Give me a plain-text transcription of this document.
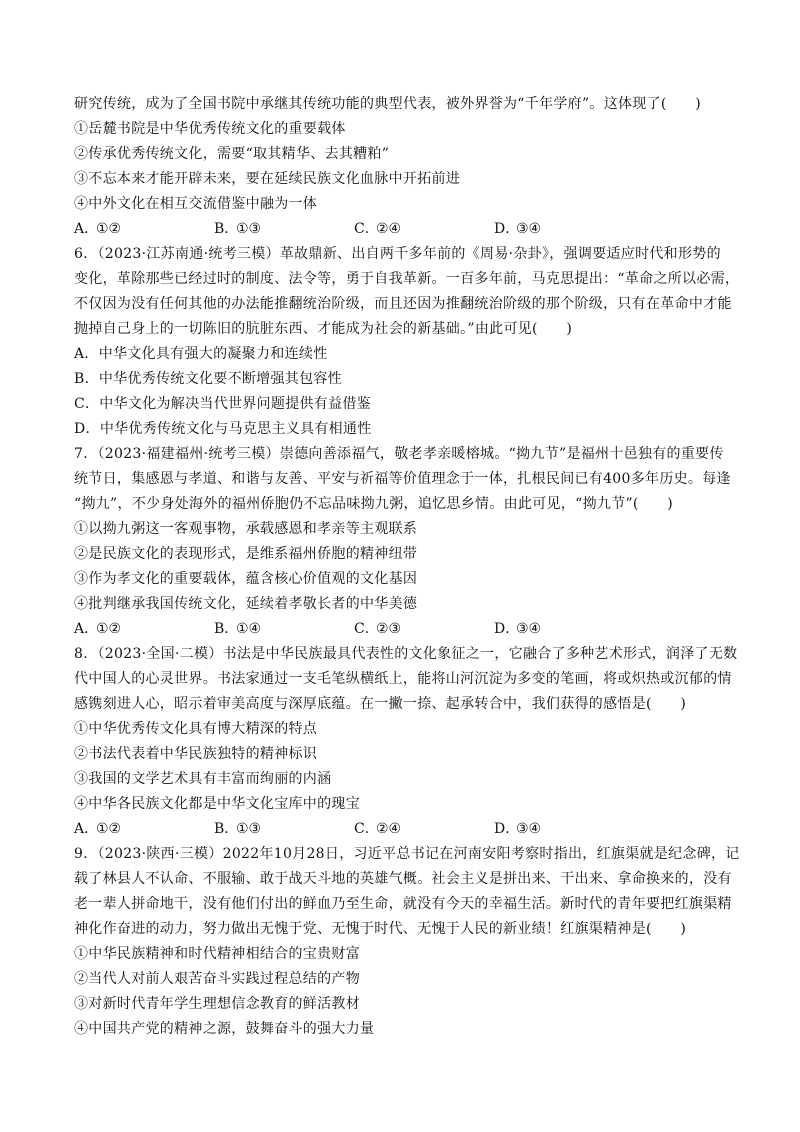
研究传统，成为了全国书院中承继其传统功能的典型代表，被外界誉为“千年学府”。这体现了(　　)
①岳麓书院是中华优秀传统文化的重要载体
②传承优秀传统文化，需要“取其精华、去其糟粕”
③不忘本来才能开辟未来，要在延续民族文化血脉中开拓前进
④中外文化在相互交流借鉴中融为一体
A．①②	B．①③	C．②④	D．③④
6．（2023·江苏南通·统考三模）革故鼎新、出自两千多年前的《周易·杂卦》，强调要适应时代和形势的
变化，革除那些已经过时的制度、法令等，勇于自我革新。一百多年前，马克思提出：“革命之所以必需，
不仅因为没有任何其他的办法能推翻统治阶级，而且还因为推翻统治阶级的那个阶级，只有在革命中才能
抛掉自己身上的一切陈旧的肮脏东西、才能成为社会的新基础。”由此可见(　　)
A．中华文化具有强大的凝聚力和连续性
B．中华优秀传统文化要不断增强其包容性
C．中华文化为解决当代世界问题提供有益借鉴
D．中华优秀传统文化与马克思主义具有相通性
7．（2023·福建福州·统考三模）崇德向善添福气，敬老孝亲暖榕城。“拗九节”是福州十邑独有的重要传
统节日，集感恩与孝道、和谐与友善、平安与祈福等价值理念于一体，扎根民间已有400多年历史。每逢
“拗九”，不少身处海外的福州侨胞仍不忘品味拗九粥，追忆思乡情。由此可见，“拗九节”(　　)
①以拗九粥这一客观事物，承载感恩和孝亲等主观联系
②是民族文化的表现形式，是维系福州侨胞的精神纽带
③作为孝文化的重要载体，蕴含核心价值观的文化基因
④批判继承我国传统文化，延续着孝敬长者的中华美德
A．①②	B．①④	C．②③	D．③④
8．（2023·全国·二模）书法是中华民族最具代表性的文化象征之一，它融合了多种艺术形式，润泽了无数
代中国人的心灵世界。书法家通过一支毛笔纵横纸上，能将山河沉淀为多变的笔画，将或炽热或沉郁的情
感镌刻进人心，昭示着审美高度与深厚底蕴。在一撇一捺、起承转合中，我们获得的感悟是(　　)
①中华优秀传文化具有博大精深的特点
②书法代表着中华民族独特的精神标识
③我国的文学艺术具有丰富而绚丽的内涵
④中华各民族文化都是中华文化宝库中的瑰宝
A．①②	B．①③	C．②④	D．③④
9．（2023·陕西·三模）2022年10月28日，习近平总书记在河南安阳考察时指出，红旗渠就是纪念碑，记
载了林县人不认命、不服输、敢于战天斗地的英雄气概。社会主义是拼出来、干出来、拿命换来的，没有
老一辈人拼命地干，没有他们付出的鲜血乃至生命，就没有今天的幸福生活。新时代的青年要把红旗渠精
神化作奋进的动力，努力做出无愧于党、无愧于时代、无愧于人民的新业绩！红旗渠精神是(　　)
①中华民族精神和时代精神相结合的宝贵财富
②当代人对前人艰苦奋斗实践过程总结的产物
③对新时代青年学生理想信念教育的鲜活教材
④中国共产党的精神之源，鼓舞奋斗的强大力量
